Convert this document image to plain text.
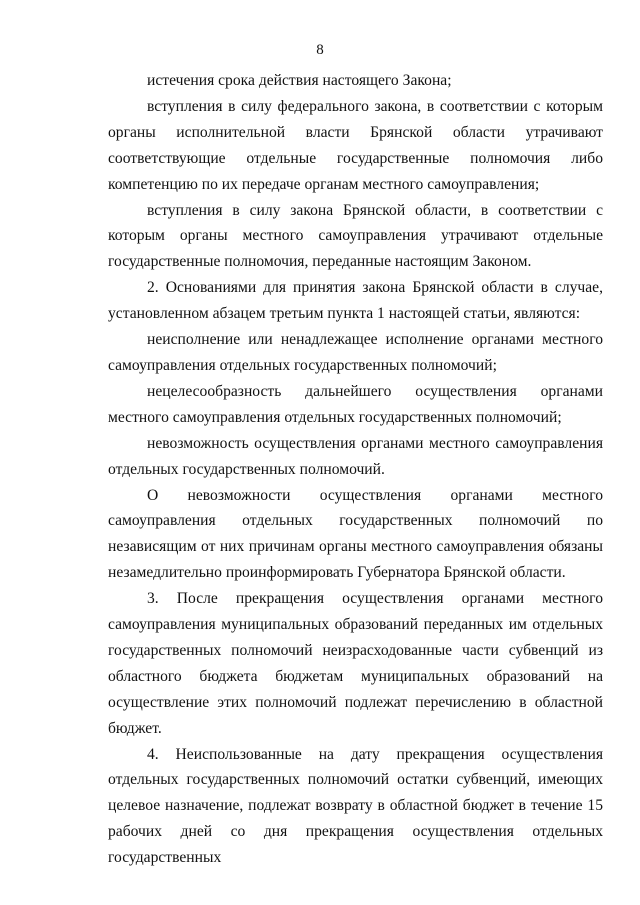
8

истечения срока действия настоящего Закона;

вступления в силу федерального закона, в соответствии с которым органы исполнительной власти Брянской области утрачивают соответствующие отдельные государственные полномочия либо компетенцию по их передаче органам местного самоуправления;

вступления в силу закона Брянской области, в соответствии с которым органы местного самоуправления утрачивают отдельные государственные полномочия, переданные настоящим Законом.

2. Основаниями для принятия закона Брянской области в случае, установленном абзацем третьим пункта 1 настоящей статьи, являются:

неисполнение или ненадлежащее исполнение органами местного самоуправления отдельных государственных полномочий;

нецелесообразность дальнейшего осуществления органами местного самоуправления отдельных государственных полномочий;

невозможность осуществления органами местного самоуправления отдельных государственных полномочий.

О невозможности осуществления органами местного самоуправления отдельных государственных полномочий по независящим от них причинам органы местного самоуправления обязаны незамедлительно проинформировать Губернатора Брянской области.

3. После прекращения осуществления органами местного самоуправления муниципальных образований переданных им отдельных государственных полномочий неизрасходованные части субвенций из областного бюджета бюджетам муниципальных образований на осуществление этих полномочий подлежат перечислению в областной бюджет.

4. Неиспользованные на дату прекращения осуществления отдельных государственных полномочий остатки субвенций, имеющих целевое назначение, подлежат возврату в областной бюджет в течение 15 рабочих дней со дня прекращения осуществления отдельных государственных
